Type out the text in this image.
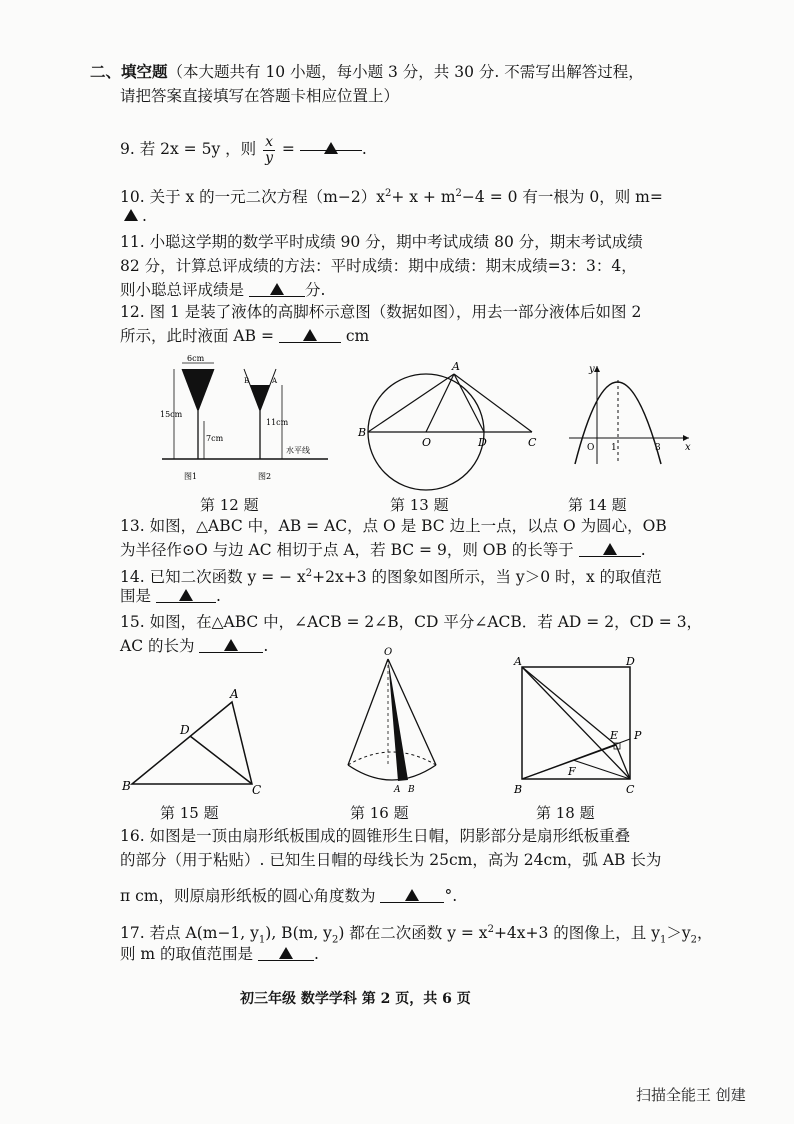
二、填空题（本大题共有 10 小题，每小题 3 分，共 30 分. 不需写出解答过程，
请把答案直接填写在答题卡相应位置上）
9. 若 2x = 5y ，则 $\frac{x}{y}$ =	.
10. 关于 x 的一元二次方程$(m-2)x^2+ x + m^2-4 = 0$ 有一根为 0，则 m=
.
11. 小聪这学期的数学平时成绩 90 分，期中考试成绩 80 分，期末考试成绩
82 分，计算总评成绩的方法：平时成绩：期中成绩：期末成绩=3：3：4，
则小聪总评成绩是	分.
12. 图 1 是装了液体的高脚杯示意图（数据如图），用去一部分液体后如图 2
所示，此时液面 AB =	cm
6cm
15cm
7cm
图1
A
B
11cm
水平线
图2
A
B
O	D	C
y
x
O 1	3
第 12 题	第 13 题	第 14 题
13. 如图，△ABC 中，AB = AC，点 O 是 BC 边上一点，以点 O 为圆心，OB
为半径作⊙O 与边 AC 相切于点 A，若 BC = 9，则 OB 的长等于	.
14. 已知二次函数 y = − $x^2+2x+3$ 的图象如图所示，当 y＞0 时，x 的取值范
围是	.
15. 如图，在△ABC 中，∠ACB = 2∠B，CD 平分∠ACB．若 AD = 2，CD = 3，
AC 的长为	.
A
B	C
D
O
A B
A	D
B	C
E
F
P
第 15 题	第 16 题	第 18 题
16. 如图是一顶由扇形纸板围成的圆锥形生日帽，阴影部分是扇形纸板重叠
的部分（用于粘贴）. 已知生日帽的母线长为 25cm，高为 24cm，弧 AB 长为
π cm，则原扇形纸板的圆心角度数为	°.
17. 若点 A(m−1, $y_1$), B(m, $y_2$) 都在二次函数 $y = x^2+4x+3$ 的图像上，且 $y_1>y_2$，
则 m 的取值范围是	.
初三年级 数学学科 第 2 页，共 6 页
扫描全能王 创建
